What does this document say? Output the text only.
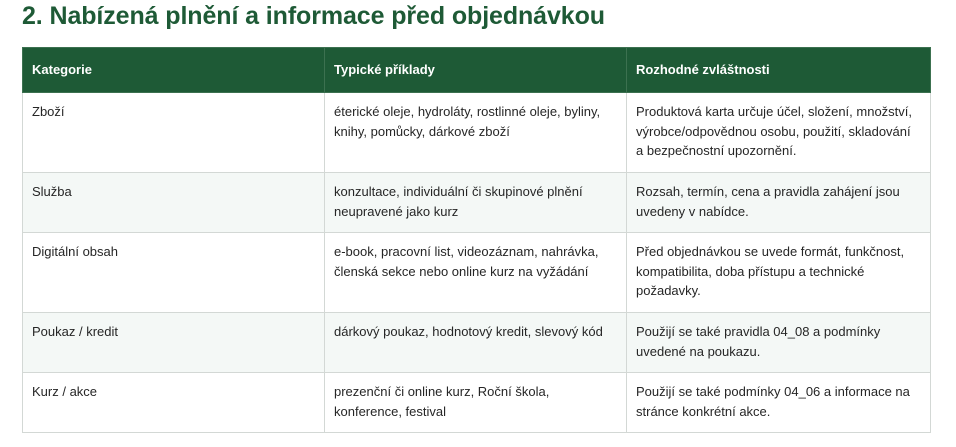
2. Nabízená plnění a informace před objednávkou
Kategorie	Typické příklady	Rozhodné zvláštnosti
Zboží	éterické oleje, hydroláty, rostlinné oleje, byliny, knihy, pomůcky, dárkové zboží	Produktová karta určuje účel, složení, množství, výrobce/odpovědnou osobu, použití, skladování a bezpečnostní upozornění.
Služba	konzultace, individuální či skupinové plnění neupravené jako kurz	Rozsah, termín, cena a pravidla zahájení jsou uvedeny v nabídce.
Digitální obsah	e-book, pracovní list, videozáznam, nahrávka, členská sekce nebo online kurz na vyžádání	Před objednávkou se uvede formát, funkčnost, kompatibilita, doba přístupu a technické požadavky.
Poukaz / kredit	dárkový poukaz, hodnotový kredit, slevový kód	Použijí se také pravidla 04_08 a podmínky uvedené na poukazu.
Kurz / akce	prezenční či online kurz, Roční škola, konference, festival	Použijí se také podmínky 04_06 a informace na stránce konkrétní akce.
